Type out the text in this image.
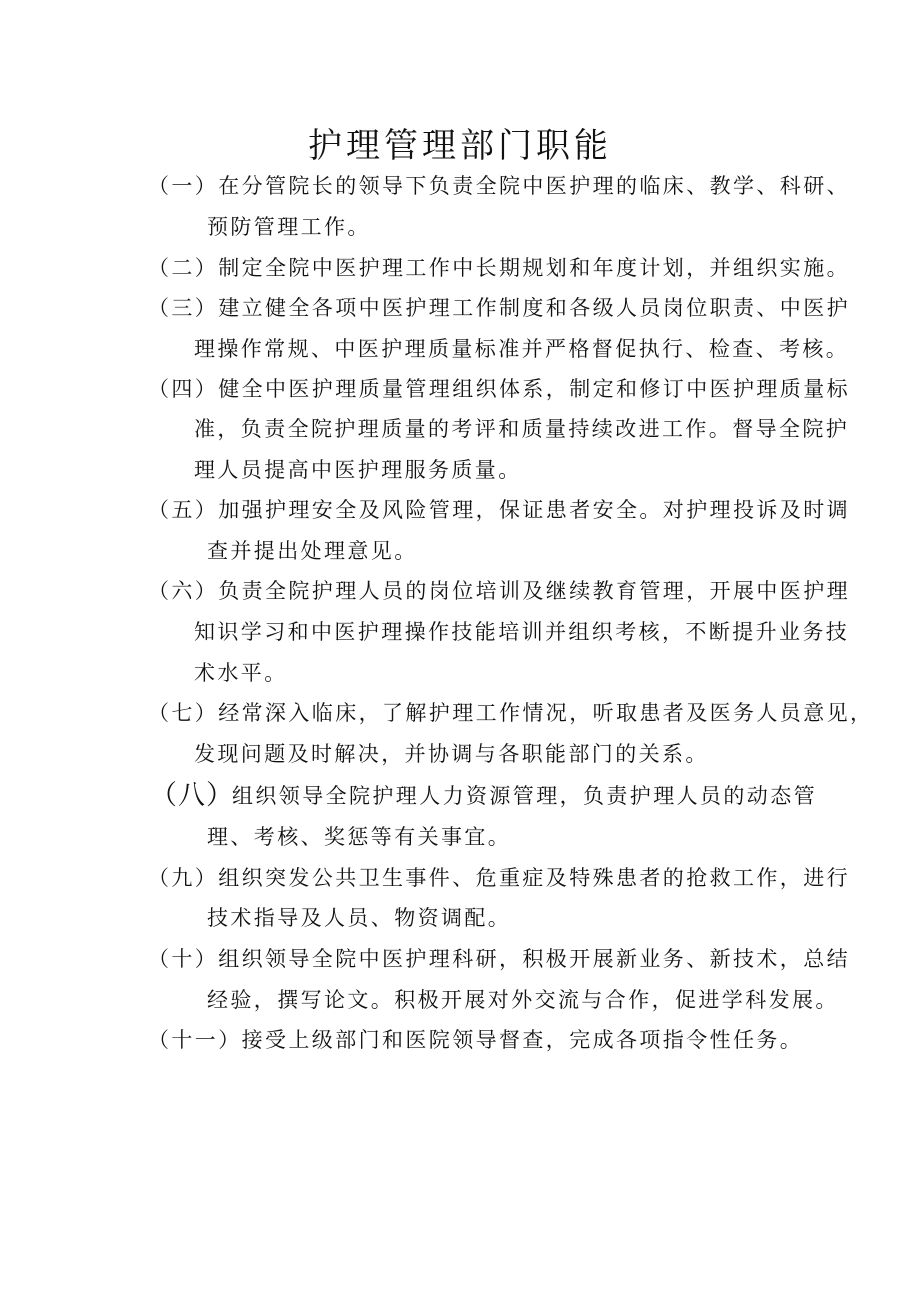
护理管理部门职能
（一）在分管院长的领导下负责全院中医护理的临床、教学、科研、
预防管理工作。
（二）制定全院中医护理工作中长期规划和年度计划，并组织实施。
（三）建立健全各项中医护理工作制度和各级人员岗位职责、中医护
理操作常规、中医护理质量标准并严格督促执行、检查、考核。
（四）健全中医护理质量管理组织体系，制定和修订中医护理质量标
准，负责全院护理质量的考评和质量持续改进工作。督导全院护
理人员提高中医护理服务质量。
（五）加强护理安全及风险管理，保证患者安全。对护理投诉及时调
查并提出处理意见。
（六）负责全院护理人员的岗位培训及继续教育管理，开展中医护理
知识学习和中医护理操作技能培训并组织考核，不断提升业务技
术水平。
（七）经常深入临床，了解护理工作情况，听取患者及医务人员意见，
发现问题及时解决，并协调与各职能部门的关系。
（八）
组织领导全院护理人力资源管理，负责护理人员的动态管
理、考核、奖惩等有关事宜。
（九）组织突发公共卫生事件、危重症及特殊患者的抢救工作，进行
技术指导及人员、物资调配。
（十）组织领导全院中医护理科研，积极开展新业务、新技术，总结
经验，撰写论文。积极开展对外交流与合作，促进学科发展。
（十一）接受上级部门和医院领导督查，完成各项指令性任务。
